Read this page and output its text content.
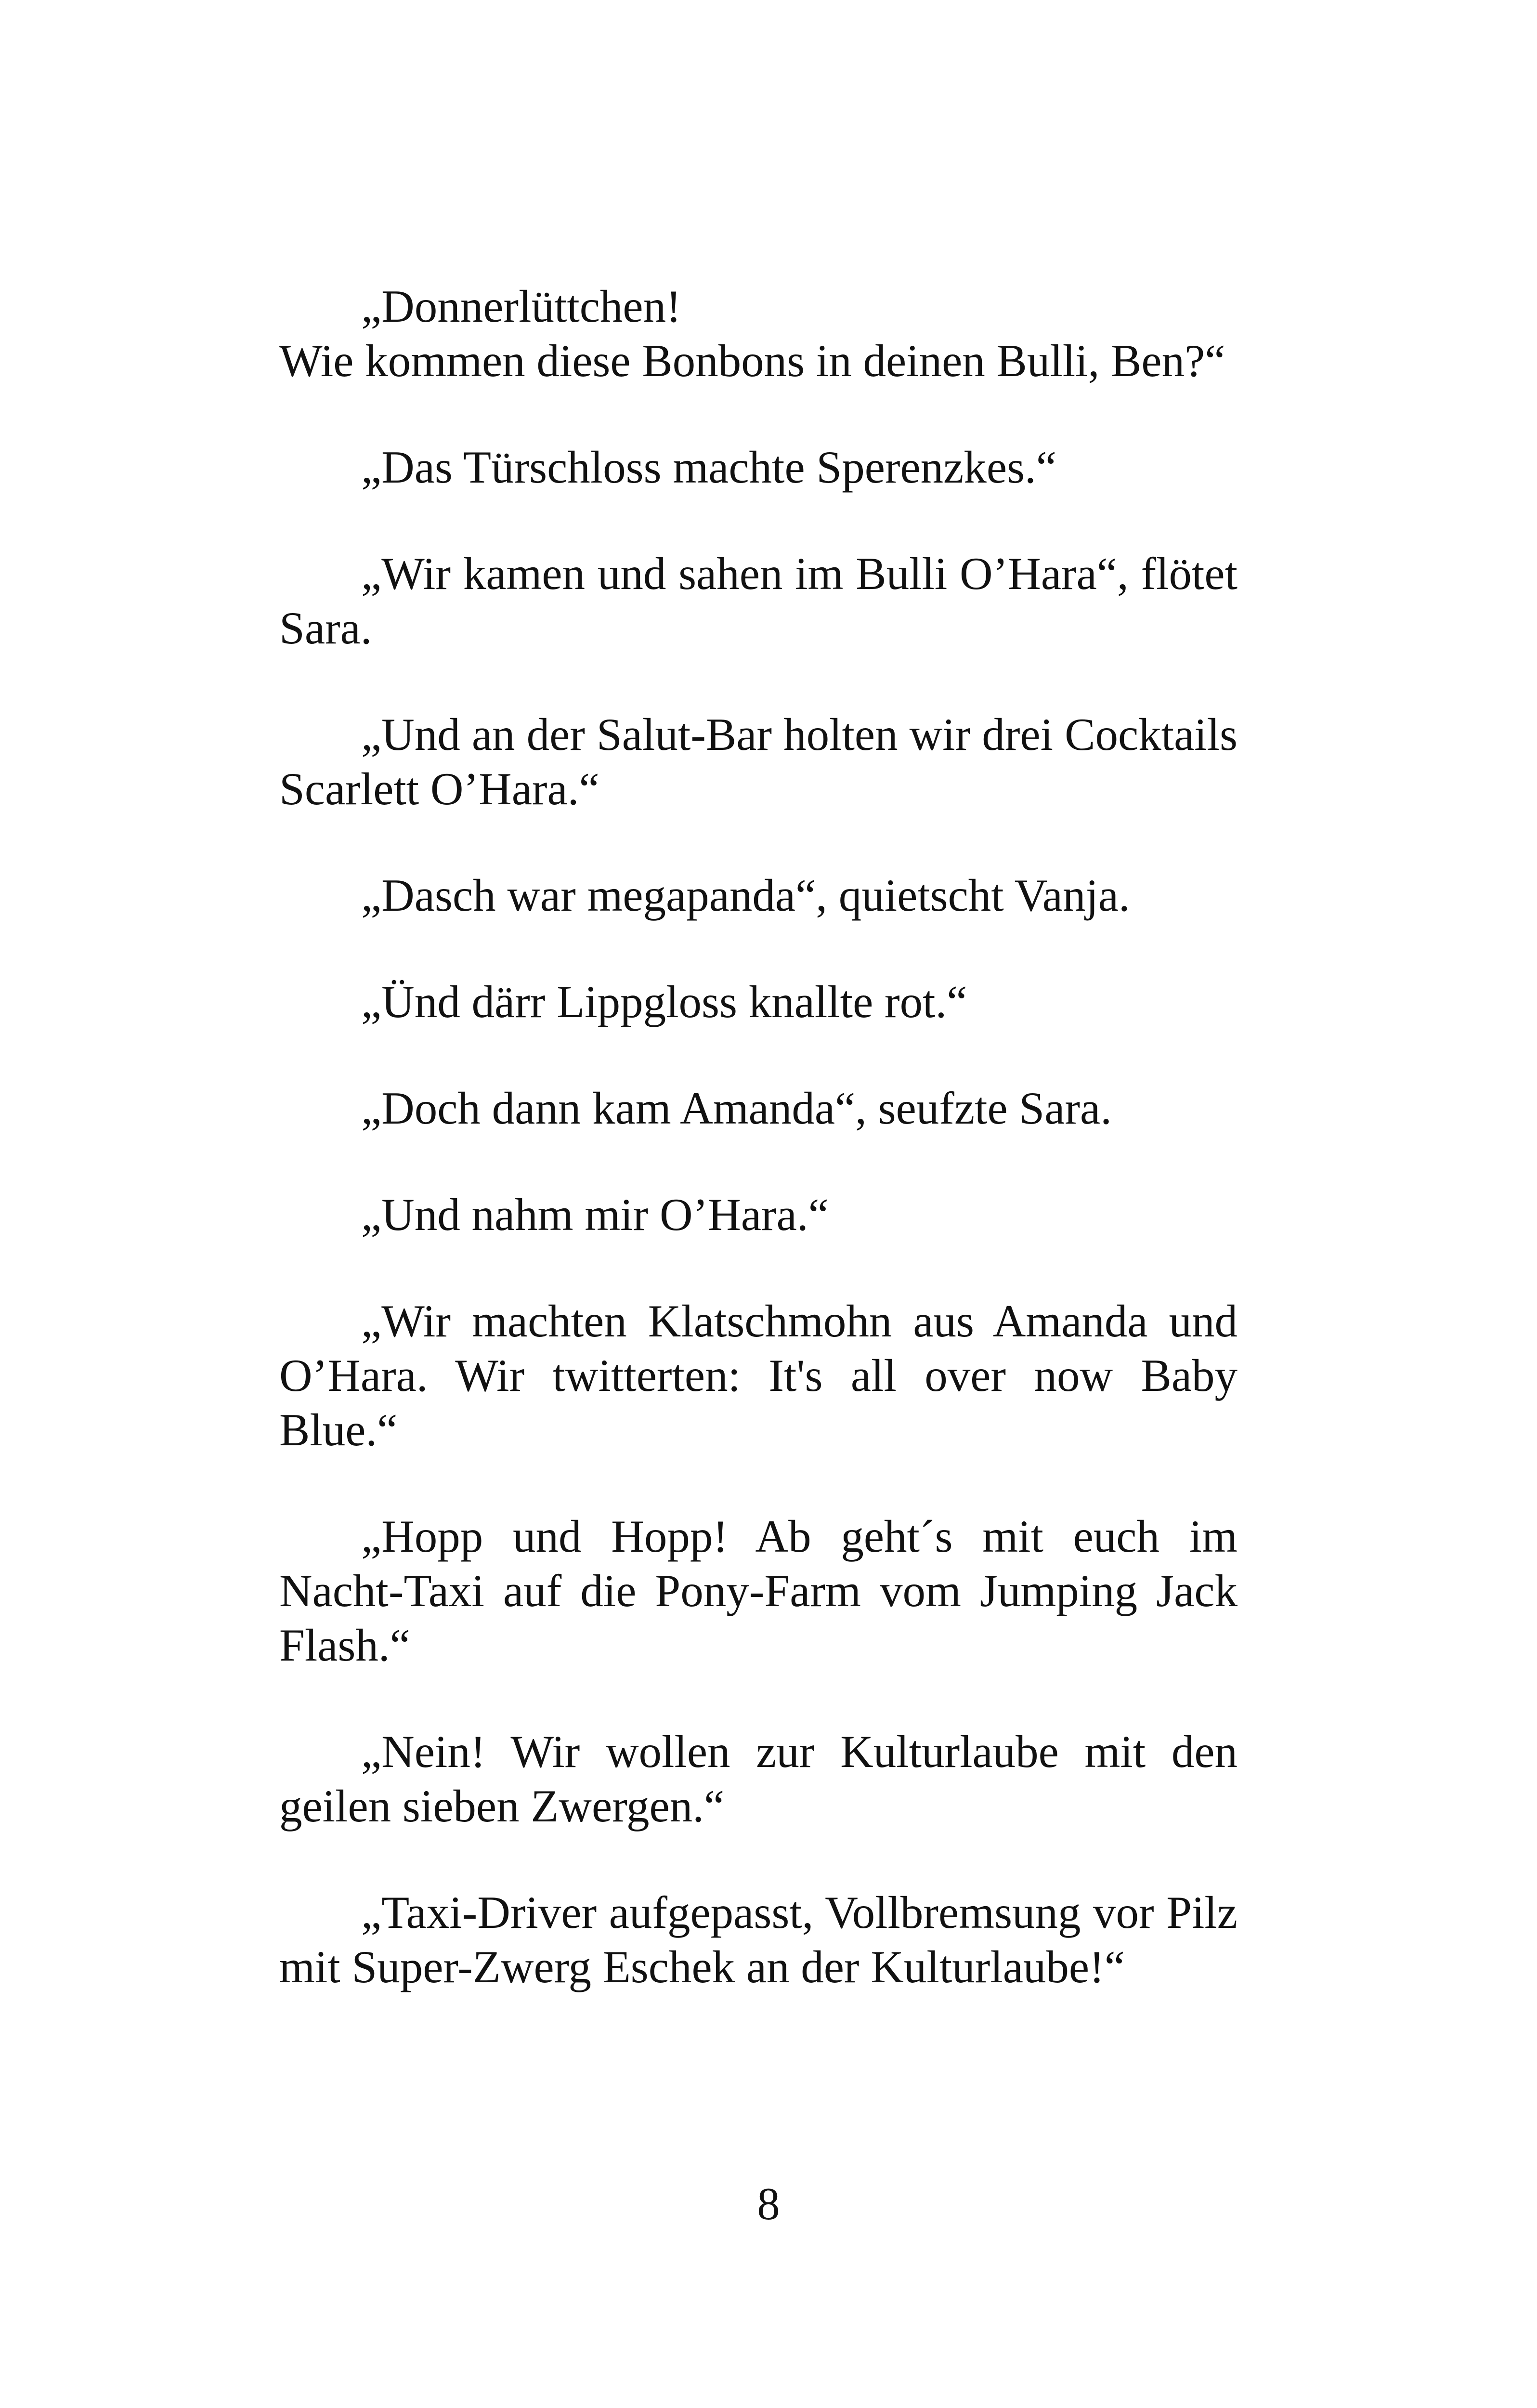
„Donnerlüttchen!
Wie kommen diese Bonbons in deinen Bulli, Ben?“

„Das Türschloss machte Sperenzkes.“

„Wir kamen und sahen im Bulli O’Hara“, flötet Sara.

„Und an der Salut-Bar holten wir drei Cocktails Scarlett O’Hara.“

„Dasch war megapanda“, quietscht Vanja.

„Ünd därr Lippgloss knallte rot.“

„Doch dann kam Amanda“, seufzte Sara.

„Und nahm mir O’Hara.“

„Wir machten Klatschmohn aus Amanda und O’Hara. Wir twitterten: It's all over now Baby Blue.“

„Hopp und Hopp! Ab geht´s mit euch im Nacht-Taxi auf die Pony-Farm vom Jumping Jack Flash.“

„Nein! Wir wollen zur Kulturlaube mit den geilen sieben Zwergen.“

„Taxi-Driver aufgepasst, Vollbremsung vor Pilz mit Super-Zwerg Eschek an der Kulturlaube!“

8
